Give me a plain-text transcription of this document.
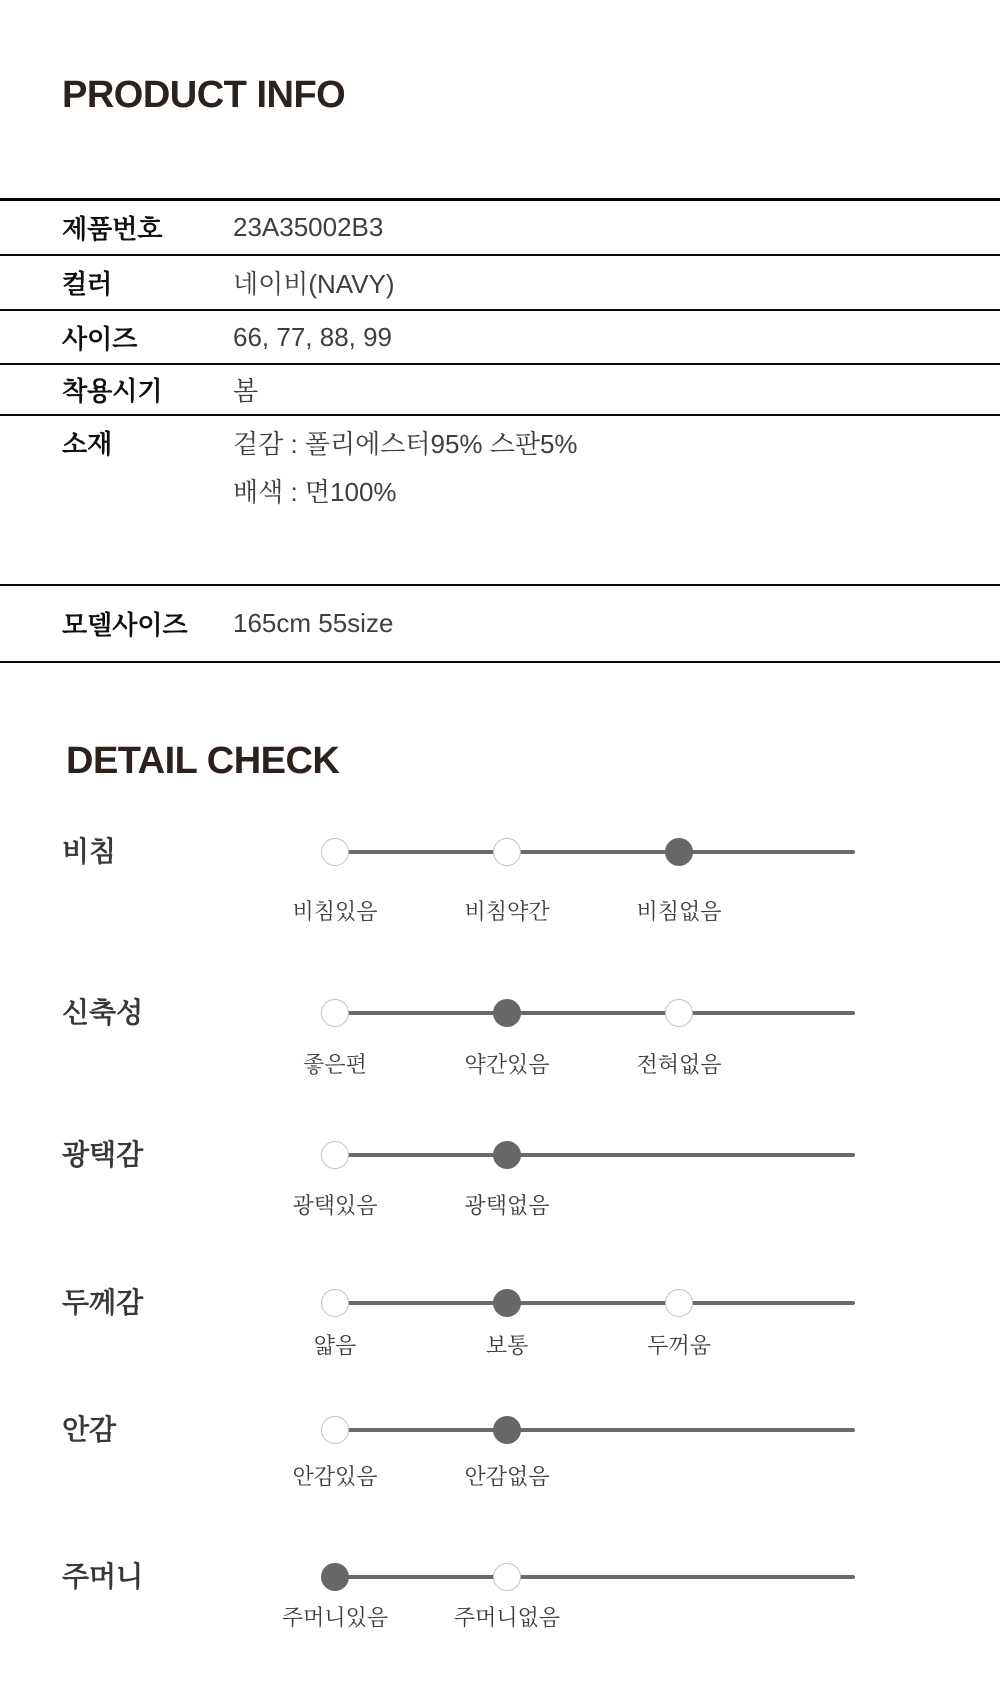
PRODUCT INFO
제품번호	23A35002B3
컬러	네이비(NAVY)
사이즈	66, 77, 88, 99
착용시기	봄
소재	겉감 : 폴리에스터95% 스판5%
배색 : 면100%
모델사이즈	165cm 55size
DETAIL CHECK
비침
비침있음	비침약간	비침없음
신축성
좋은편	약간있음	전혀없음
광택감
광택있음	광택없음
두께감
얇음	보통	두꺼움
안감
안감있음	안감없음
주머니
주머니있음	주머니없음
